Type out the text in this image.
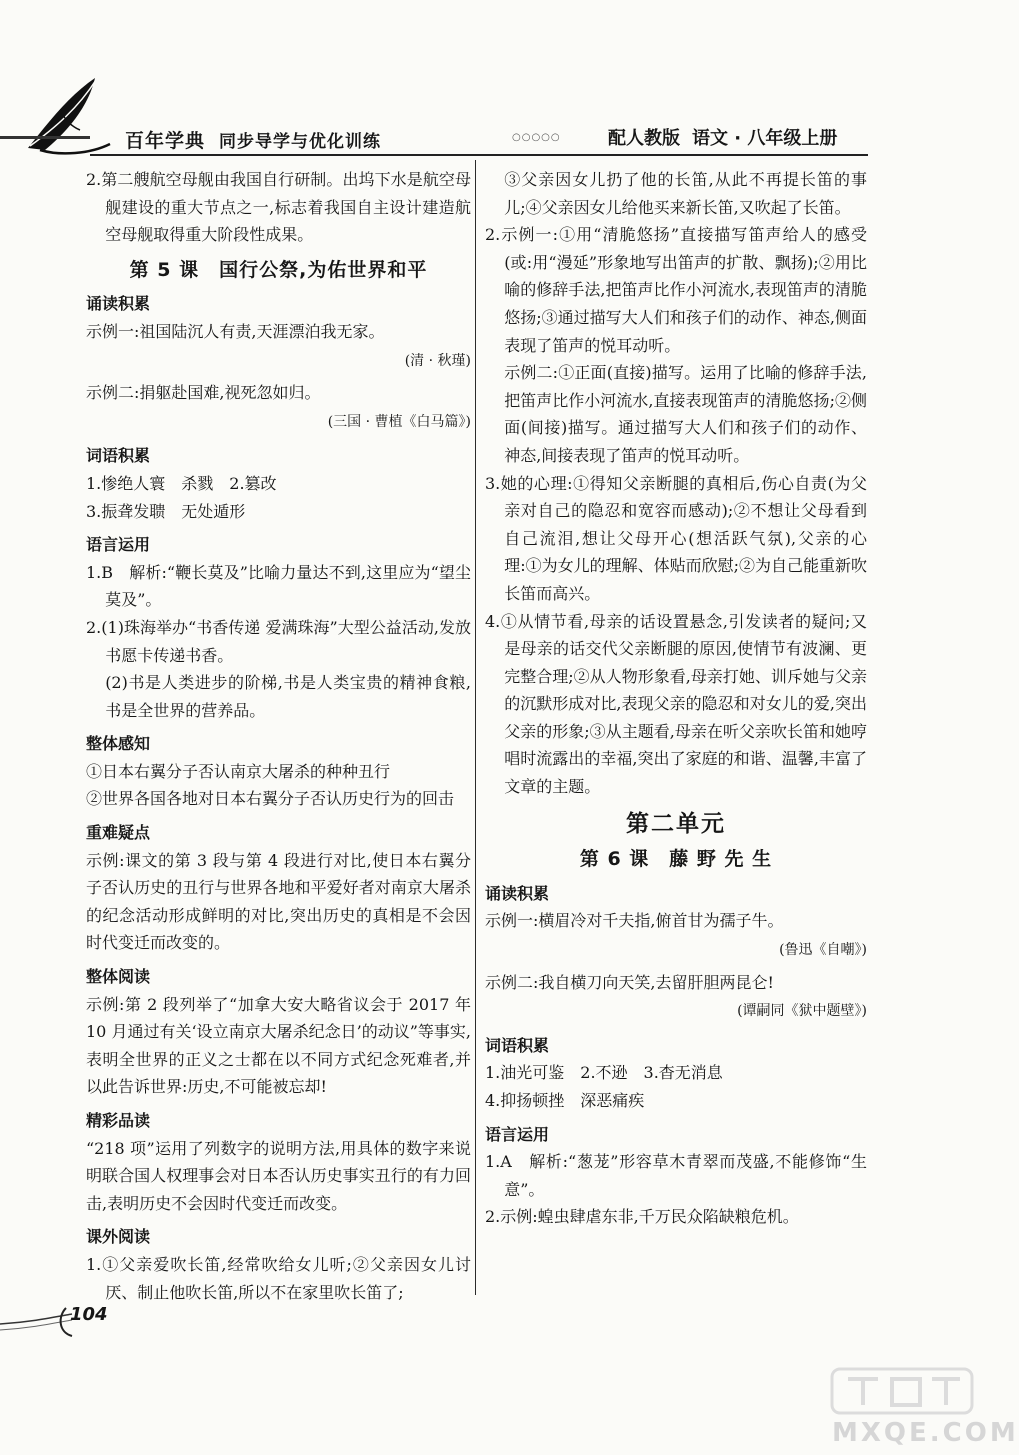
百年学典 同步导学与优化训练	○○○○○	配人教版 语文 · 八年级上册

2.第二艘航空母舰由我国自行研制。出坞下水是航空母舰建设的重大节点之一,标志着我国自主设计建造航空母舰取得重大阶段性成果。

第 5 课　国行公祭,为佑世界和平
诵读积累

示例一:祖国陆沉人有责,天涯漂泊我无家。

(清 · 秋瑾)

示例二:捐躯赴国难,视死忽如归。

(三国 · 曹植《白马篇》)

词语积累

1.惨绝人寰　杀戮　2.篡改

3.振聋发聩　无处遁形

语言运用

1.B　解析:“鞭长莫及”比喻力量达不到,这里应为“望尘莫及”。

2.(1)珠海举办“书香传递 爱满珠海”大型公益活动,发放书愿卡传递书香。

(2)书是人类进步的阶梯,书是人类宝贵的精神食粮,书是全世界的营养品。

整体感知

①日本右翼分子否认南京大屠杀的种种丑行

②世界各国各地对日本右翼分子否认历史行为的回击

重难疑点

示例:课文的第 3 段与第 4 段进行对比,使日本右翼分子否认历史的丑行与世界各地和平爱好者对南京大屠杀的纪念活动形成鲜明的对比,突出历史的真相是不会因时代变迁而改变的。

整体阅读

示例:第 2 段列举了“加拿大安大略省议会于 2017 年 10 月通过有关‘设立南京大屠杀纪念日’的动议”等事实,表明全世界的正义之士都在以不同方式纪念死难者,并以此告诉世界:历史,不可能被忘却!

精彩品读

“218 项”运用了列数字的说明方法,用具体的数字来说明联合国人权理事会对日本否认历史事实丑行的有力回击,表明历史不会因时代变迁而改变。

课外阅读

1.①父亲爱吹长笛,经常吹给女儿听;②父亲因女儿讨厌、制止他吹长笛,所以不在家里吹长笛了;

③父亲因女儿扔了他的长笛,从此不再提长笛的事儿;④父亲因女儿给他买来新长笛,又吹起了长笛。

2.示例一:①用“清脆悠扬”直接描写笛声给人的感受(或:用“漫延”形象地写出笛声的扩散、飘扬);②用比喻的修辞手法,把笛声比作小河流水,表现笛声的清脆悠扬;③通过描写大人们和孩子们的动作、神态,侧面表现了笛声的悦耳动听。

示例二:①正面(直接)描写。运用了比喻的修辞手法,把笛声比作小河流水,直接表现笛声的清脆悠扬;②侧面(间接)描写。通过描写大人们和孩子们的动作、神态,间接表现了笛声的悦耳动听。

3.她的心理:①得知父亲断腿的真相后,伤心自责(为父亲对自己的隐忍和宽容而感动);②不想让父母看到自己流泪,想让父母开心(想活跃气氛),父亲的心理:①为女儿的理解、体贴而欣慰;②为自己能重新吹长笛而高兴。

4.①从情节看,母亲的话设置悬念,引发读者的疑问;又是母亲的话交代父亲断腿的原因,使情节有波澜、更完整合理;②从人物形象看,母亲打她、训斥她与父亲的沉默形成对比,表现父亲的隐忍和对女儿的爱,突出父亲的形象;③从主题看,母亲在听父亲吹长笛和她哼唱时流露出的幸福,突出了家庭的和谐、温馨,丰富了文章的主题。

第二单元
第 6 课　藤 野 先 生
诵读积累

示例一:横眉冷对千夫指,俯首甘为孺子牛。

(鲁迅《自嘲》)

示例二:我自横刀向天笑,去留肝胆两昆仑!

(谭嗣同《狱中题壁》)

词语积累

1.油光可鉴　2.不逊　3.杳无消息

4.抑扬顿挫　深恶痛疾

语言运用

1.A　解析:“葱茏”形容草木青翠而茂盛,不能修饰“生意”。

2.示例:蝗虫肆虐东非,千万民众陷缺粮危机。

104
MXQE.COM
